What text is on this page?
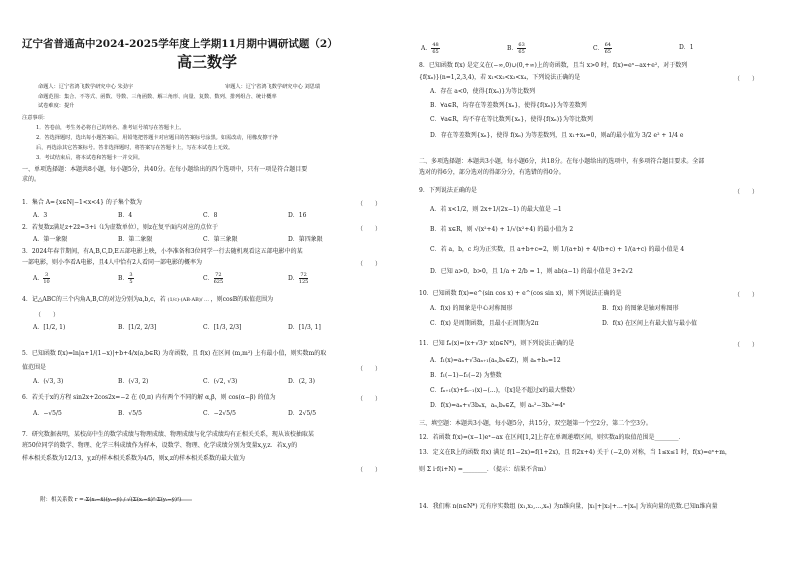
辽宁省普通高中2024-2025学年度上学期11月期中调研试题（2）
高三数学
命题人：辽宁省鸿飞数学研究中心 朱劲宇	审题人：辽宁省鸿飞数学研究中心 刘思瑞
命题范围：集合、不等式、函数、导数、三角函数、解三角形、向量、复数、数列、排列组合、统计概率
试卷难度：提升
注意事项：
1．答卷前，考生务必将自己的姓名、准考证号填写在答题卡上。
2．答选择题时，选出每小题答案后，用铅笔把答题卡对应题目的答案标号涂黑。如需改动，用橡皮擦干净
后，再选涂其它答案标号。答非选择题时，将答案写在答题卡上，写在本试卷上无效。
3．考试结束后，将本试卷和答题卡一并交回。
一、单项选择题：本题共8小题，每小题5分，共40分。在每小题给出的四个选项中，只有一项是符合题目要
求的。
1．集合 A={x∈N|−1<x<4} 的子集个数为	（　　）
A．3	B．4	C．8	D．16
2．若复数z满足z+2z̄=3+i（i为虚数单位），则z在复平面内对应的点位于	（　　）
A．第一象限	B．第二象限	C．第三象限	D．第四象限
3．2024年春节期间，有A,B,C,D,E五部电影上映，小李准备和3位同学一行去随机观看这五部电影中的某
一部电影，则小李看A电影，且4人中恰有2人看同一部电影的概率为	（　　）
A． $\frac{3}{10}$	B． $\frac{3}{5}$	C． $\frac{72}{625}$	D． $\frac{72}{125}$
4．记△ABC的三个内角A,B,C的对边分别为a,b,c，若 (1/c)·(AB·AB)/ … ，则cosB的取值范围为
（　　）
A．[1/2, 1)	B．[1/2, 2/3]	C．[1/3, 2/3]	D．[1/3, 1]
5．已知函数 f(x)=ln|a+1/(1−x)|+b+4/x(a,b∈R) 为奇函数，且 f(x) 在区间 (m,m²) 上有最小值，则实数m的取
值范围是	（　　）
A．(√3, 3)	B．(√3, 2)	C．(√2, √3)	D．(2, 3)
6．若关于x的方程 sin2x+2cos2x=−2 在 (0,π) 内有两个不同的解 α,β，则 cos(α−β) 的值为	（　　）
A．−√5/5	B．√5/5	C．−2√5/5	D．2√5/5
7．研究数据表明，某校高中生的数学成绩与物理成绩、物理成绩与化学成绩均有正相关关系，现从该校抽取某
班50位同学的数学、物理、化学三科成绩作为样本，设数学、物理、化学成绩分别为变量x,y,z．若x,y的
样本相关系数为12/13，y,z的样本相关系数为4/5，则x,z的样本相关系数的最大值为
（　　）
附：相关系数 r = Σ(xᵢ−x̄)(yᵢ−ȳ) / √(Σ(xᵢ−x̄)²·Σ(yᵢ−ȳ)²)
A． $\frac{48}{65}$	B． $\frac{63}{65}$	C． $\frac{64}{65}$	D．1
8．已知函数 f(x) 是定义在(−∞,0)∪(0,+∞)上的奇函数，且当 x>0 时，f(x)=eˣ−ax+e²，对于数列
{f(xₙ)}(n=1,2,3,4)，若 x₁<x₂<x₃<x₄，下列说法正确的是	（　　）
A．存在 a<0，使得{f(xₙ)}为等比数列
B．∀a∈R，均存在等差数列{xₙ}，使得{f(xₙ)}为等差数列
C．∀a∈R，均不存在等比数列{xₙ}，使得{f(xₙ)}为等比数列
D．存在等差数列{xₙ}，使得 f(xₙ) 为等差数列，且 x₁+x₄=0，则a的最小值为 3/2 e² + 1/4 e
二、多项选择题：本题共3小题，每小题6分，共18分。在每小题给出的选项中，有多项符合题目要求。全部
选对的得6分，部分选对的得部分分，有选错的得0分。
9．下列说法正确的是	（　　）
A．若 x<1/2，则 2x+1/(2x−1) 的最大值是 −1
B．若 x∈R，则 √(x²+4) + 1/√(x²+4) 的最小值为 2
C．若 a，b，c 均为正实数，且 a+b+c=2，则 1/(a+b) + 4/(b+c) + 1/(a+c) 的最小值是 4
D．已知 a>0，b>0，且 1/a + 2/b = 1，则 ab(a−1) 的最小值是 3+2√2
10．已知函数 f(x)=e^(sin cos x) + e^(cos sin x)，则下列说法正确的是	（　　）
A．f(x) 的图象是中心对称图形	B．f(x) 的图象是轴对称图形
C．f(x) 是周期函数，且最小正周期为2π	D．f(x) 在区间上有最大值与最小值
11．已知 fₙ(x)=(x+√3)ⁿ x(n∈N*)，则下列说法正确的是	（　　）
A．f₁(x)=aₙ+√3aₙ₊₁(aₙ,bₙ∈Z)，则 aₙ+bₙ=12
B．f₁(−1)−f₁(−2) 为整数
C．fₙ₊₁(x)+fₙ₋₁(x)−(...)，（[x]是不超过x的最大整数）
D．f(x)=aₙ+√3bₙx，aₙ,bₙ∈Z，则 aₙ²−3bₙ²=4ⁿ
三、填空题：本题共3小题，每小题5分，共15分，双空题第一个空2分，第二个空3分。
12．若函数 f(x)=(x−1)eˣ−ax 在区间[1,2]上存在单调递增区间，则实数a的取值范围是________．
13．定义在R上的函数 f(x) 满足 f(1−2x)=f(1+2x)，且 f(2x+4) 关于 (−2,0) 对称，当 1≤x≤1 时，f(x)=eˣ+m，
则 Σ i·f(i+N) =________．（提示：结果不含m）
14．我们称 n(n∈N*) 元有序实数组 (x₁,x₂,…,xₙ) 为n维向量，|x₁|+|x₂|+…+|xₙ| 为该向量的范数.已知n维向量
